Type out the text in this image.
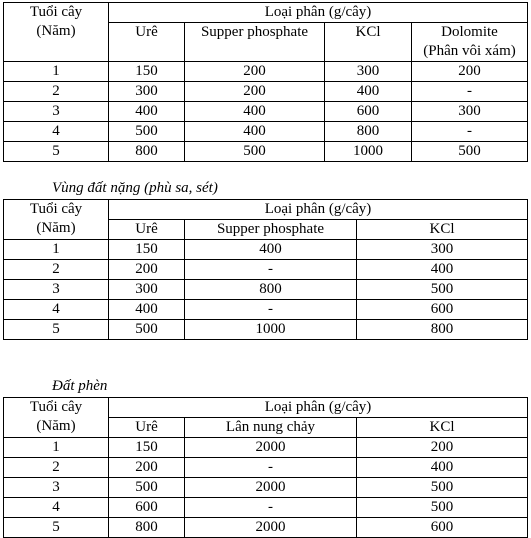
Tuổi cây
(Năm)	Loại phân (g/cây)			
	Urê	Supper phosphate	KCl	Dolomite
(Phân vôi xám)

1	150	200	300	200
2	300	200	400	-
3	400	400	600	300
4	500	400	800	-
5	800	500	1000	500
Vùng đất nặng (phù sa, sét)
Tuổi cây
(Năm)	Loại phân (g/cây)		
	Urê	Supper phosphate	KCl
1	150	400	300
2	200	-	400
3	300	800	500
4	400	-	600
5	500	1000	800
Đất phèn
Tuổi cây
(Năm)	Loại phân (g/cây)		
	Urê	Lân nung chảy	KCl
1	150	2000	200
2	200	-	400
3	500	2000	500
4	600	-	500
5	800	2000	600
